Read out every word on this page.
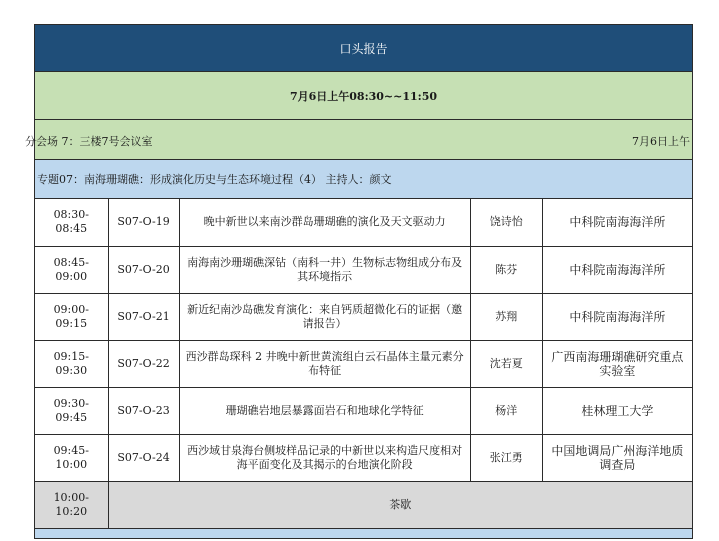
口头报告
7月6日上午08:30~~11:50
分会场 7：三楼7号会议室	7月6日上午
专题07：南海珊瑚礁：形成演化历史与生态环境过程（4） 主持人：颜文
08:30-08:45	S07-O-19	晚中新世以来南沙群岛珊瑚礁的演化及天文驱动力	饶诗怡	中科院南海海洋所
08:45-09:00	S07-O-20	南海南沙珊瑚礁深钻（南科一井）生物标志物组成分布及其环境指示	陈芬	中科院南海海洋所
09:00-09:15	S07-O-21	新近纪南沙岛礁发育演化：来自钙质超微化石的证据（邀请报告）	苏翔	中科院南海海洋所
09:15-09:30	S07-O-22	西沙群岛琛科 2 井晚中新世黄流组白云石晶体主量元素分布特征	沈若夏	广西南海珊瑚礁研究重点实验室
09:30-09:45	S07-O-23	珊瑚礁岩地层暴露面岩石和地球化学特征	杨洋	桂林理工大学
09:45-10:00	S07-O-24	西沙域甘泉海台侧坡样品记录的中新世以来构造尺度相对海平面变化及其揭示的台地演化阶段	张江勇	中国地调局广州海洋地质调查局
10:00-10:20	茶歇			
